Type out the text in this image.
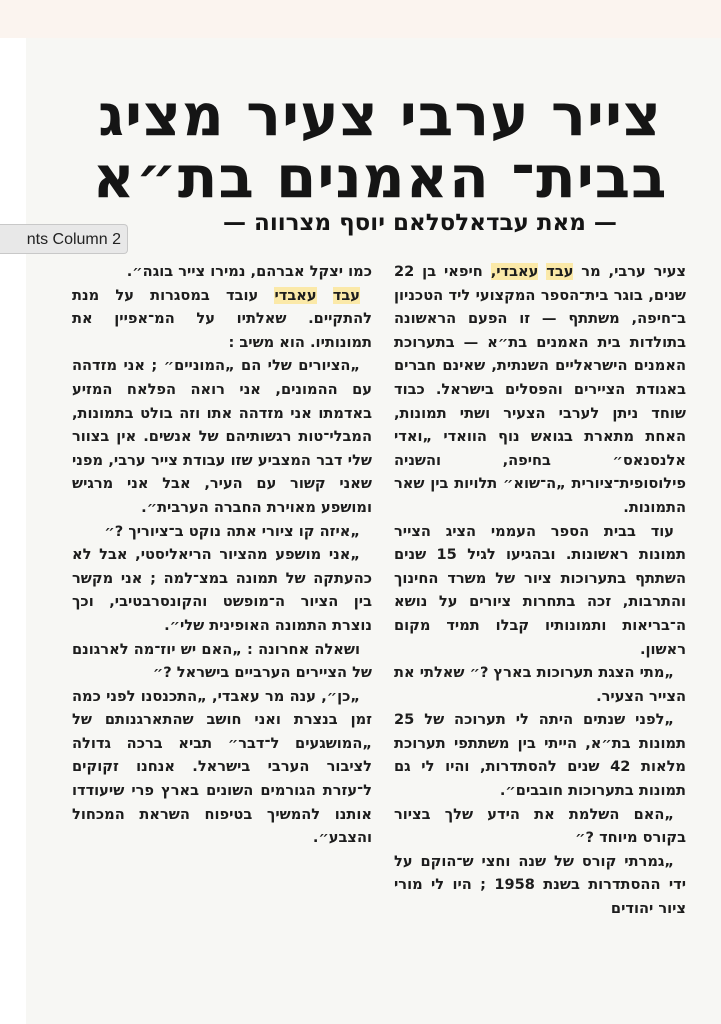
צייר ערבי צעיר מציג
בבית־ האמנים בת״א
— מאת עבדאלסלאם יוסף מצרווה —

צעיר ערבי, מר עבד עאבדי, חיפאי בן 22 שנים, בוגר בית־הספר המקצועי ליד הטכניון ב־חיפה, משתתף — זו הפעם הראשונה בתולדות בית האמנים בת״א — בתערוכת האמנים הישראליים השנתית, שאינם חברים באגודת הציירים והפסלים בישראל. כבוד שוחד ניתן לערבי הצעיר ושתי תמונות, האחת מתארת בגואש נוף הוואדי „ואדי אלנסנאס״ בחיפה, והשניה פילוסופית־ציורית „ה־שוא״ תלויות בין שאר התמונות.

עוד בבית הספר העממי הציג הצייר תמונות ראשונות. ובהגיעו לגיל 15 שנים השתתף בתערוכות ציור של משרד החינוך והתרבות, זכה בתחרות ציורים על נושא ה־בריאות ותמונותיו קבלו תמיד מקום ראשון.

„מתי הצגת תערוכות בארץ ?״ שאלתי את הצייר הצעיר.

„לפני שנתים היתה לי תערוכה של 25 תמונות בת״א, הייתי בין משתתפי תערוכת מלאות 42 שנים להסתדרות, והיו לי גם תמונות בתערוכות חובבים״.

„האם השלמת את הידע שלך בציור בקורס מיוחד ?״

„גמרתי קורס של שנה וחצי ש־הוקם על ידי ההסתדרות בשנת 1958 ; היו לי מורי ציור יהודים

כמו יצקל אברהם, נמירו צייר בוגה״.

עבד עאבדי עובד במסגרות על מנת להתקיים. שאלתיו על המ־אפיין את תמונותיו. הוא משיב :

„הציורים שלי הם „המוניים״ ; אני מזדהה עם ההמונים, אני רואה הפלאח המזיע באדמתו אני מזדהה אתו וזה בולט בתמונות, המבלי־טות רגשותיהם של אנשים. אין בצוור שלי דבר המצביע שזו עבודת צייר ערבי, מפני שאני קשור עם העיר, אבל אני מרגיש ומושפע מאוירת החברה הערבית״.

„איזה קו ציורי אתה נוקט ב־ציוריך ?״

„אני מושפע מהציור הריאליסטי, אבל לא כהעתקה של תמונה במצ־למה ; אני מקשר בין הציור ה־מופשט והקונסרבטיבי, וכך נוצרת התמונה האופינית שלי״.

ושאלה אחרונה : „האם יש יוז־מה לארגונם של הציירים הערביים בישראל ?״

„כן״, ענה מר עאבדי, „התכנסנו לפני כמה זמן בנצרת ואני חושב שהתארגנותם של „המושגעים ל־דבר״ תביא ברכה גדולה לציבור הערבי בישראל. אנחנו זקוקים ל־עזרת הגורמים השונים בארץ פרי שיעודדו אותנו להמשיך בטיפוח השראת המכחול והצבע״.

nts Column 2
